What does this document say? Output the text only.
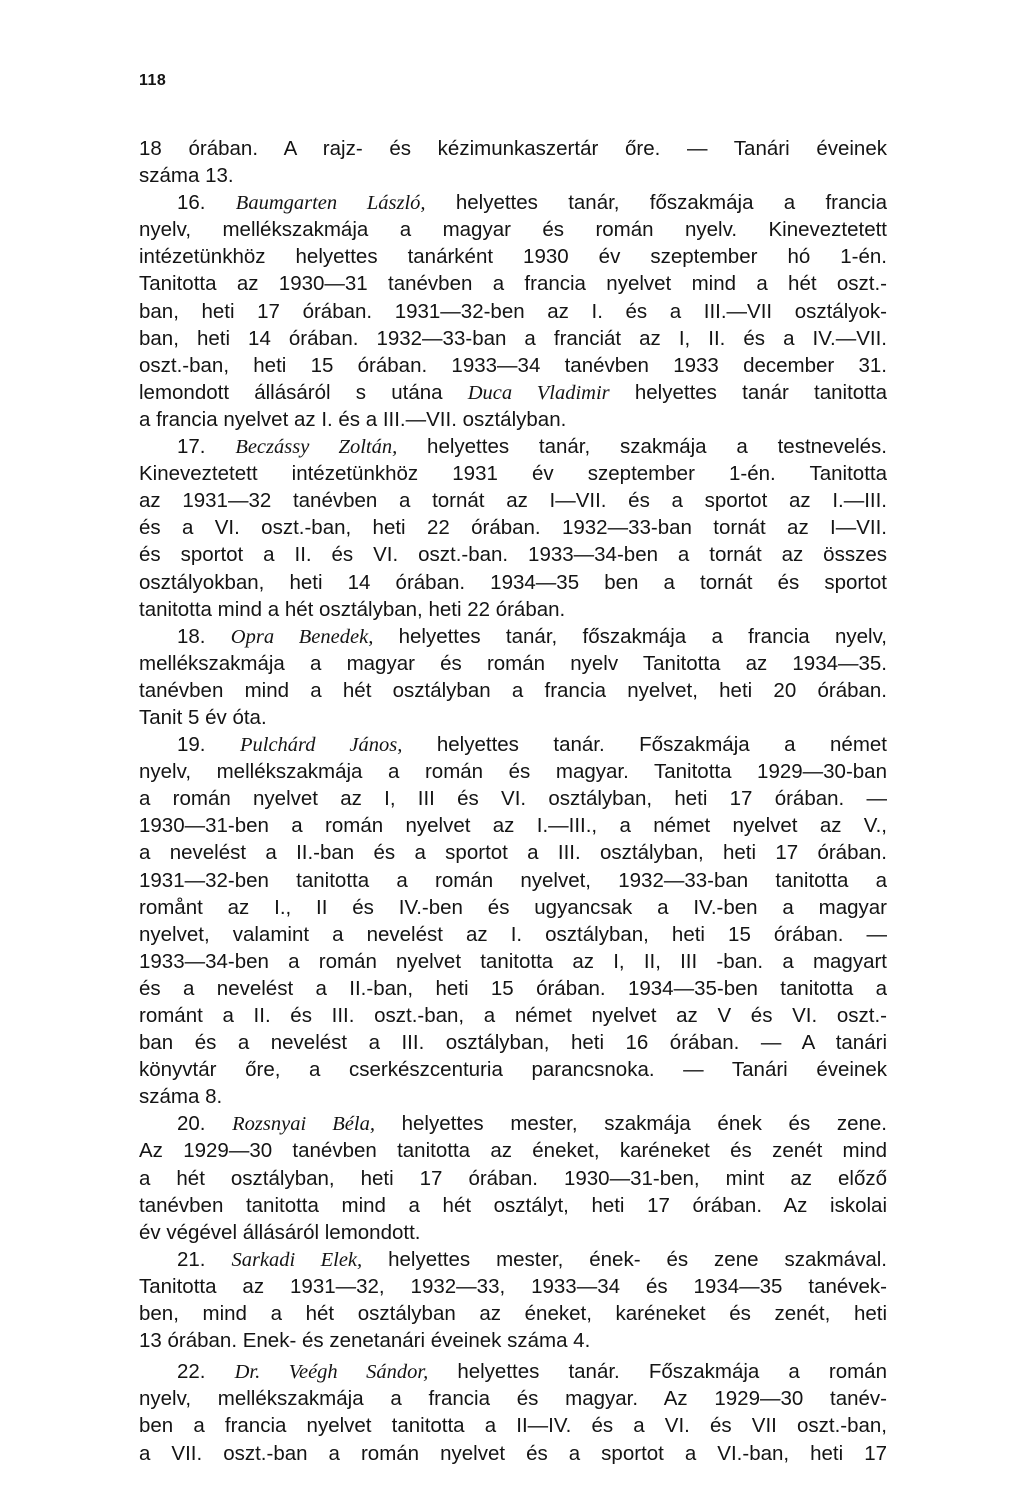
118
18 órában. A rajz- és kézimunkaszertár őre. — Tanári éveinek
száma 13.
16. Baumgarten László, helyettes tanár, főszakmája a francia
nyelv, mellékszakmája a magyar és román nyelv. Kineveztetett
intézetünkhöz helyettes tanárként 1930 év szeptember hó 1-én.
Tanitotta az 1930—31 tanévben a francia nyelvet mind a hét oszt.-
ban, heti 17 órában. 1931—32-ben az I. és a III.—VII osztályok-
ban, heti 14 órában. 1932—33-ban a franciát az I, II. és a IV.—VII.
oszt.-ban, heti 15 órában. 1933—34 tanévben 1933 december 31.
lemondott állásáról s utána Duca Vladimir helyettes tanár tanitotta
a francia nyelvet az I. és a III.—VII. osztályban.
17. Beczássy Zoltán, helyettes tanár, szakmája a testnevelés.
Kineveztetett intézetünkhöz 1931 év szeptember 1-én. Tanitotta
az 1931—32 tanévben a tornát az I—VII. és a sportot az I.—III.
és a VI. oszt.-ban, heti 22 órában. 1932—33-ban tornát az I—VII.
és sportot a II. és VI. oszt.-ban. 1933—34-ben a tornát az összes
osztályokban, heti 14 órában. 1934—35 ben a tornát és sportot
tanitotta mind a hét osztályban, heti 22 órában.
18. Opra Benedek, helyettes tanár, főszakmája a francia nyelv,
mellékszakmája a magyar és román nyelv Tanitotta az 1934—35.
tanévben mind a hét osztályban a francia nyelvet, heti 20 órában.
Tanit 5 év óta.
19. Pulchárd János, helyettes tanár. Főszakmája a német
nyelv, mellékszakmája a román és magyar. Tanitotta 1929—30-ban
a román nyelvet az I, III és VI. osztályban, heti 17 órában. —
1930—31-ben a román nyelvet az I.—III., a német nyelvet az V.,
a nevelést a II.-ban és a sportot a III. osztályban, heti 17 órában.
1931—32-ben tanitotta a román nyelvet, 1932—33-ban tanitotta a
romånt az I., II és IV.-ben és ugyancsak a IV.-ben a magyar
nyelvet, valamint a nevelést az I. osztályban, heti 15 órában. —
1933—34-ben a román nyelvet tanitotta az I, II, III -ban. a magyart
és a nevelést a II.-ban, heti 15 órában. 1934—35-ben tanitotta a
románt a II. és III. oszt.-ban, a német nyelvet az V és VI. oszt.-
ban és a nevelést a III. osztályban, heti 16 órában. — A tanári
könyvtár őre, a cserkészcenturia parancsnoka. — Tanári éveinek
száma 8.
20. Rozsnyai Béla, helyettes mester, szakmája ének és zene.
Az 1929—30 tanévben tanitotta az éneket, karéneket és zenét mind
a hét osztályban, heti 17 órában. 1930—31-ben, mint az előző
tanévben tanitotta mind a hét osztályt, heti 17 órában. Az iskolai
év végével állásáról lemondott.
21. Sarkadi Elek, helyettes mester, ének- és zene szakmával.
Tanitotta az 1931—32, 1932—33, 1933—34 és 1934—35 tanévek-
ben, mind a hét osztályban az éneket, karéneket és zenét, heti
13 órában. Enek- és zenetanári éveinek száma 4.
22. Dr. Veégh Sándor, helyettes tanár. Főszakmája a román
nyelv, mellékszakmája a francia és magyar. Az 1929—30 tanév-
ben a francia nyelvet tanitotta a II—IV. és a VI. és VII oszt.-ban,
a VII. oszt.-ban a román nyelvet és a sportot a VI.-ban, heti 17
